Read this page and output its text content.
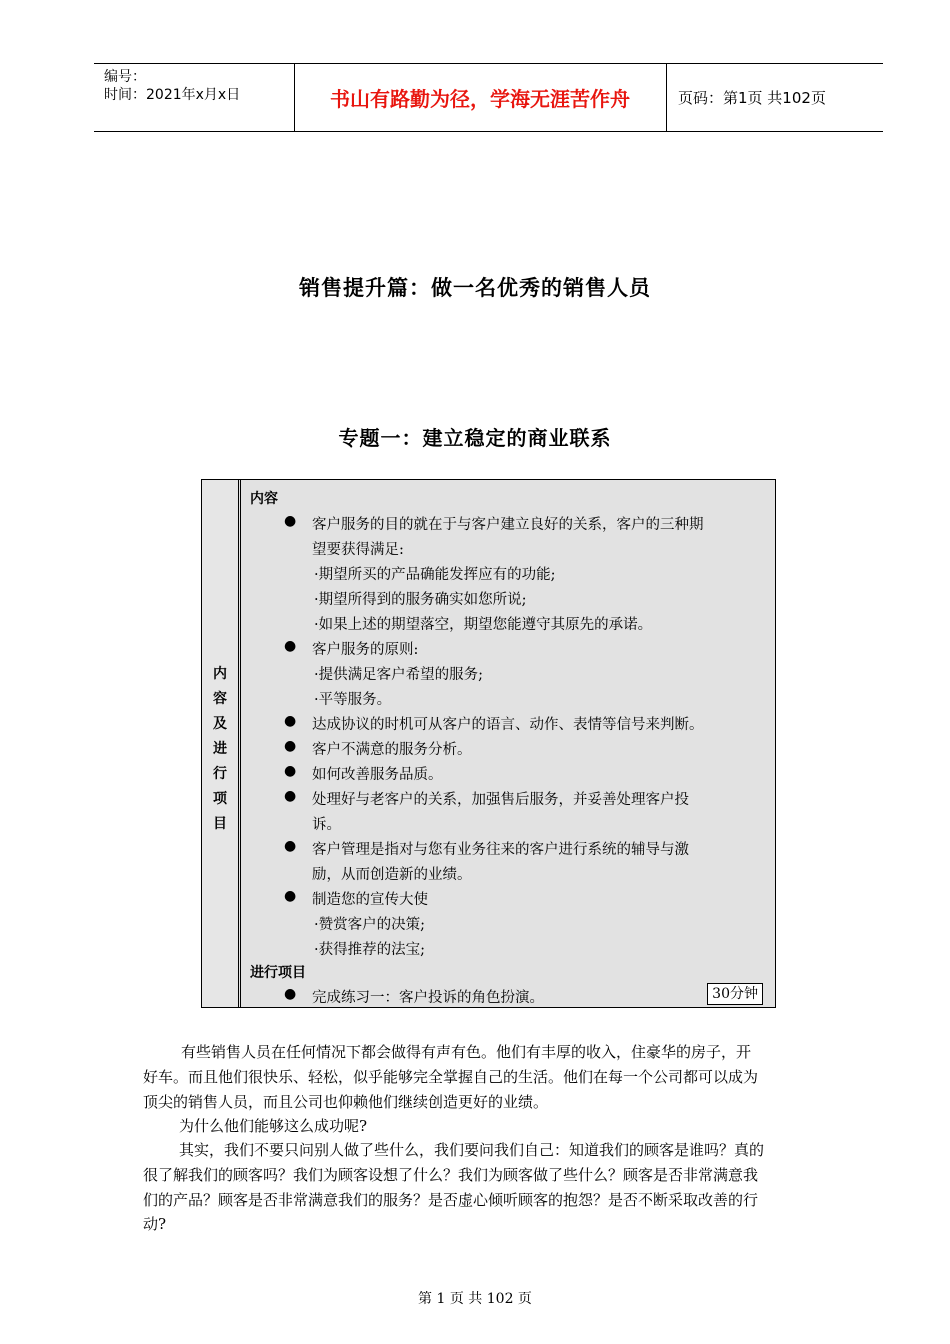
编号：
时间：2021年x月x日	书山有路勤为径，学海无涯苦作舟	页码：第1页 共102页
销售提升篇：做一名优秀的销售人员
专题一：建立稳定的商业联系
内
容
及
进
行
项
目
内容
● 客户服务的目的就在于与客户建立良好的关系，客户的三种期
望要获得满足:
·期望所买的产品确能发挥应有的功能;
·期望所得到的服务确实如您所说;
·如果上述的期望落空，期望您能遵守其原先的承诺。
● 客户服务的原则:
·提供满足客户希望的服务;
·平等服务。
● 达成协议的时机可从客户的语言、动作、表情等信号来判断。
● 客户不满意的服务分析。
● 如何改善服务品质。
● 处理好与老客户的关系，加强售后服务，并妥善处理客户投
诉。
● 客户管理是指对与您有业务往来的客户进行系统的辅导与激
励，从而创造新的业绩。
● 制造您的宣传大使
·赞赏客户的决策;
·获得推荐的法宝;
进行项目
● 完成练习一：客户投诉的角色扮演。	30分钟
有些销售人员在任何情况下都会做得有声有色。他们有丰厚的收入，住豪华的房子，开
好车。而且他们很快乐、轻松，似乎能够完全掌握自己的生活。他们在每一个公司都可以成为
顶尖的销售人员，而且公司也仰赖他们继续创造更好的业绩。
为什么他们能够这么成功呢?
其实，我们不要只问别人做了些什么，我们要问我们自己：知道我们的顾客是谁吗？真的
很了解我们的顾客吗？我们为顾客设想了什么？我们为顾客做了些什么？顾客是否非常满意我
们的产品？顾客是否非常满意我们的服务？是否虚心倾听顾客的抱怨？是否不断采取改善的行
动?
第 1 页 共 102 页
